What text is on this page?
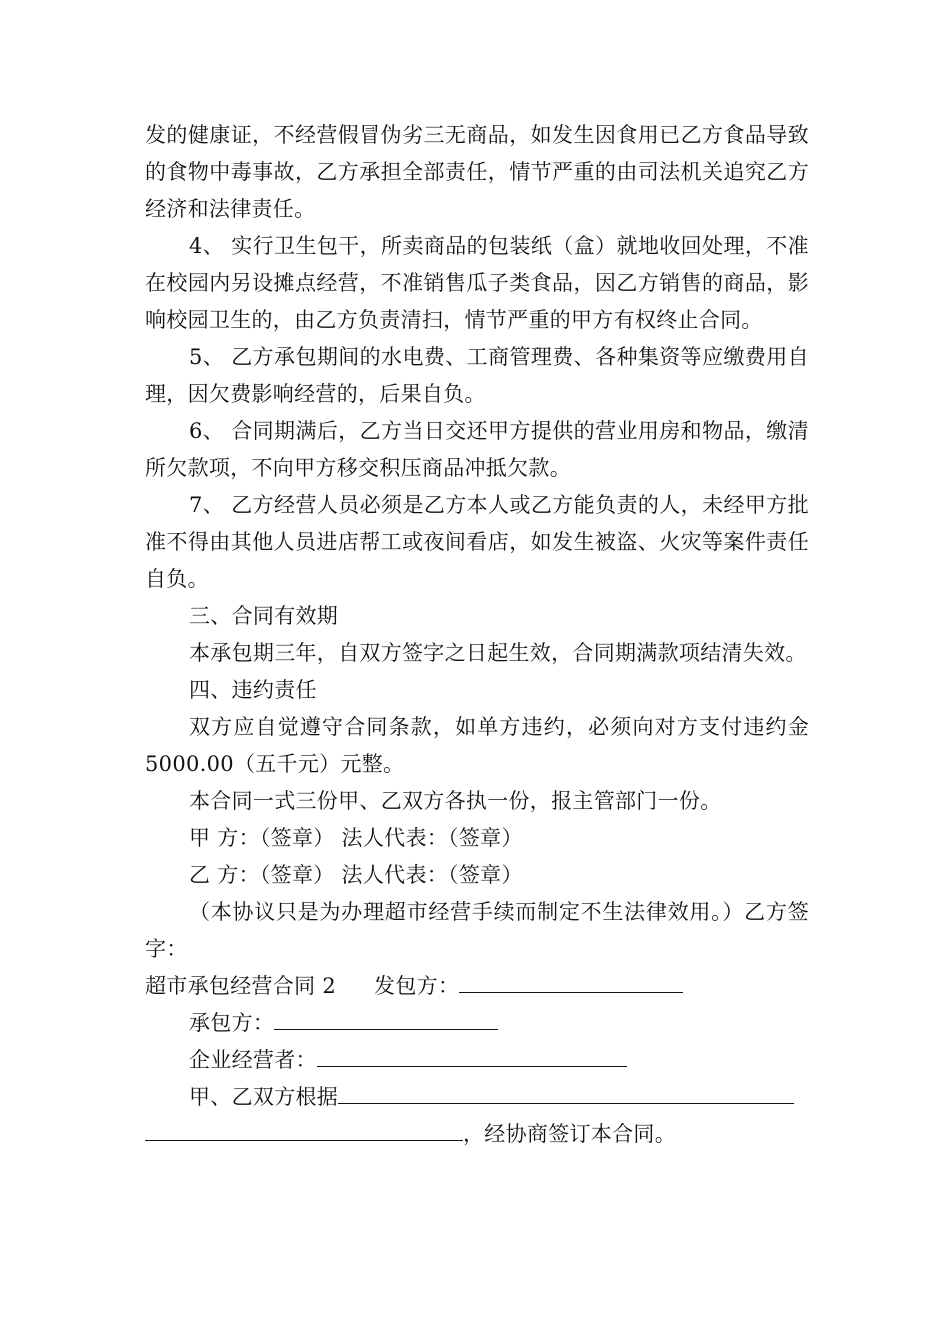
发的健康证，不经营假冒伪劣三无商品，如发生因食用已乙方食品导致的食物中毒事故，乙方承担全部责任，情节严重的由司法机关追究乙方经济和法律责任。

4、 实行卫生包干，所卖商品的包装纸（盒）就地收回处理，不准在校园内另设摊点经营，不准销售瓜子类食品，因乙方销售的商品，影响校园卫生的，由乙方负责清扫，情节严重的甲方有权终止合同。

5、 乙方承包期间的水电费、工商管理费、各种集资等应缴费用自理，因欠费影响经营的，后果自负。

6、 合同期满后，乙方当日交还甲方提供的营业用房和物品，缴清所欠款项，不向甲方移交积压商品冲抵欠款。

7、 乙方经营人员必须是乙方本人或乙方能负责的人，未经甲方批准不得由其他人员进店帮工或夜间看店，如发生被盗、火灾等案件责任自负。

三、合同有效期

本承包期三年，自双方签字之日起生效，合同期满款项结清失效。

四、违约责任

双方应自觉遵守合同条款，如单方违约，必须向对方支付违约金 5000.00（五千元）元整。

本合同一式三份甲、乙双方各执一份，报主管部门一份。

甲 方：（签章） 法人代表：（签章）

乙 方：（签章） 法人代表：（签章）

（本协议只是为办理超市经营手续而制定不生法律效用。）乙方签字：

超市承包经营合同 2 发包方：

承包方：

企业经营者：

甲、乙双方根据

，经协商签订本合同。
